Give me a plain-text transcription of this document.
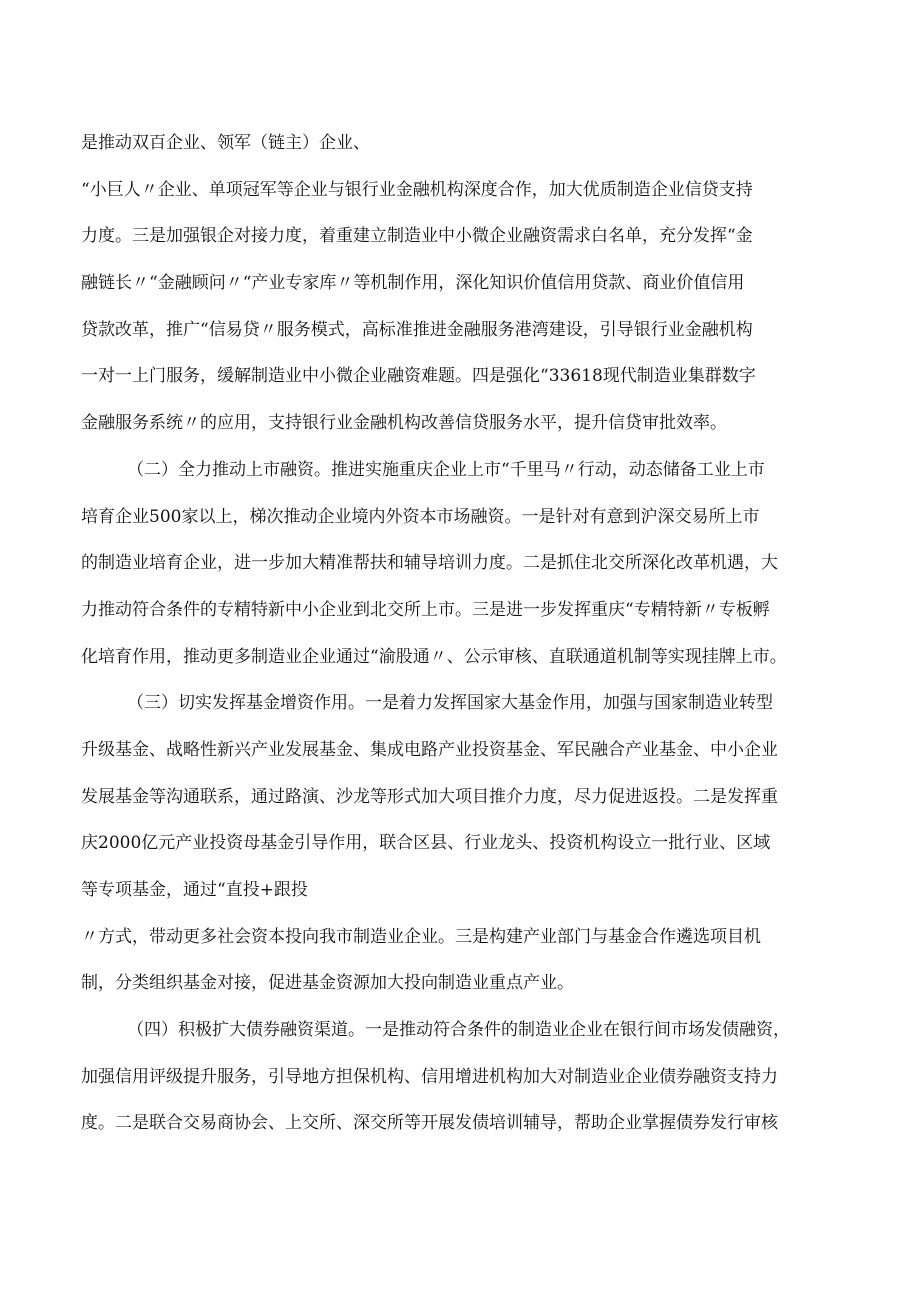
是推动双百企业、领军（链主）企业、
“小巨人〃企业、单项冠军等企业与银行业金融机构深度合作，加大优质制造企业信贷支持
力度。三是加强银企对接力度，着重建立制造业中小微企业融资需求白名单，充分发挥“金
融链长〃“金融顾问〃“产业专家库〃等机制作用，深化知识价值信用贷款、商业价值信用
贷款改革，推广“信易贷〃服务模式，高标准推进金融服务港湾建设，引导银行业金融机构
一对一上门服务，缓解制造业中小微企业融资难题。四是强化“33618现代制造业集群数字
金融服务系统〃的应用，支持银行业金融机构改善信贷服务水平，提升信贷审批效率。
（二）全力推动上市融资。推进实施重庆企业上市“千里马〃行动，动态储备工业上市
培育企业500家以上，梯次推动企业境内外资本市场融资。一是针对有意到沪深交易所上市
的制造业培育企业，进一步加大精准帮扶和辅导培训力度。二是抓住北交所深化改革机遇，大
力推动符合条件的专精特新中小企业到北交所上市。三是进一步发挥重庆“专精特新〃专板孵
化培育作用，推动更多制造业企业通过“渝股通〃、公示审核、直联通道机制等实现挂牌上市。
（三）切实发挥基金增资作用。一是着力发挥国家大基金作用，加强与国家制造业转型
升级基金、战略性新兴产业发展基金、集成电路产业投资基金、军民融合产业基金、中小企业
发展基金等沟通联系，通过路演、沙龙等形式加大项目推介力度，尽力促进返投。二是发挥重
庆2000亿元产业投资母基金引导作用，联合区县、行业龙头、投资机构设立一批行业、区域
等专项基金，通过“直投+跟投
〃方式，带动更多社会资本投向我市制造业企业。三是构建产业部门与基金合作遴选项目机
制，分类组织基金对接，促进基金资源加大投向制造业重点产业。
（四）积极扩大债券融资渠道。一是推动符合条件的制造业企业在银行间市场发债融资，
加强信用评级提升服务，引导地方担保机构、信用增进机构加大对制造业企业债券融资支持力
度。二是联合交易商协会、上交所、深交所等开展发债培训辅导，帮助企业掌握债券发行审核
